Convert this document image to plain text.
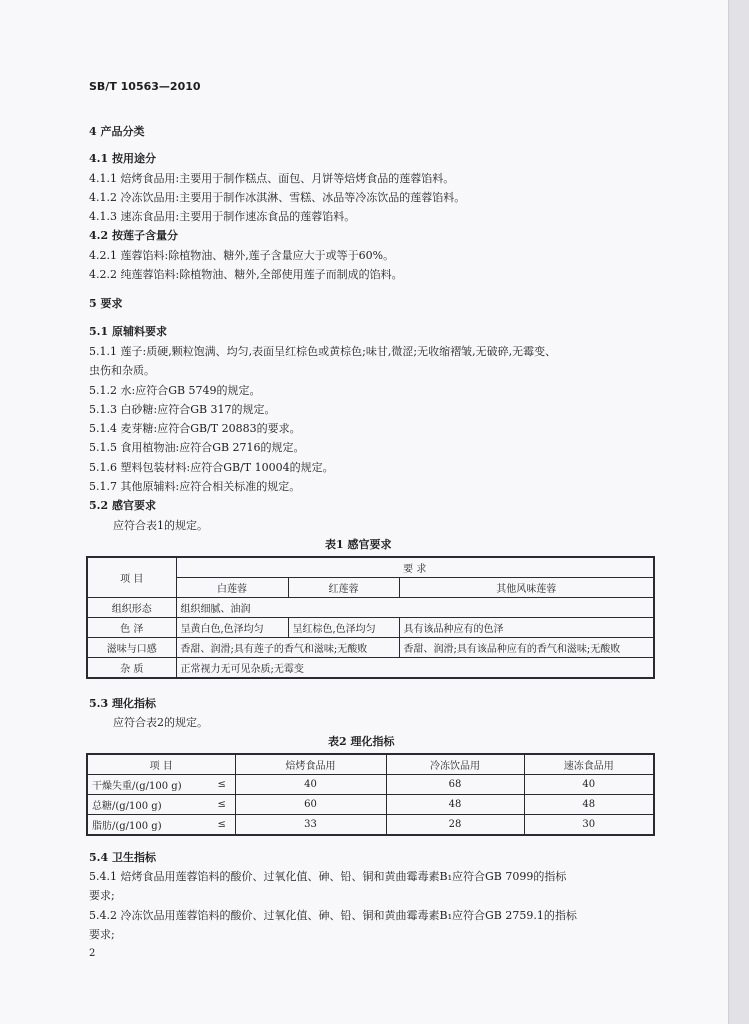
SB/T 10563—2010
4 产品分类
4.1 按用途分
4.1.1 焙烤食品用:主要用于制作糕点、面包、月饼等焙烤食品的莲蓉馅料。
4.1.2 冷冻饮品用:主要用于制作冰淇淋、雪糕、冰品等冷冻饮品的莲蓉馅料。
4.1.3 速冻食品用:主要用于制作速冻食品的莲蓉馅料。
4.2 按莲子含量分
4.2.1 莲蓉馅料:除植物油、糖外,莲子含量应大于或等于60%。
4.2.2 纯莲蓉馅料:除植物油、糖外,全部使用莲子而制成的馅料。
5 要求
5.1 原辅料要求
5.1.1 莲子:质硬,颗粒饱满、均匀,表面呈红棕色或黄棕色;味甘,微涩;无收缩褶皱,无破碎,无霉变、
虫伤和杂质。
5.1.2 水:应符合GB 5749的规定。
5.1.3 白砂糖:应符合GB 317的规定。
5.1.4 麦芽糖:应符合GB/T 20883的要求。
5.1.5 食用植物油:应符合GB 2716的规定。
5.1.6 塑料包装材料:应符合GB/T 10004的规定。
5.1.7 其他原辅料:应符合相关标准的规定。
5.2 感官要求
应符合表1的规定。
表1 感官要求
项 目	要 求		
	白莲蓉	红莲蓉	其他风味莲蓉
组织形态	组织细腻、油润		
色 泽	呈黄白色,色泽均匀	呈红棕色,色泽均匀	具有该品种应有的色泽
滋味与口感	香甜、润滑;具有莲子的香气和滋味;无酸败		香甜、润滑;具有该品种应有的香气和滋味;无酸败
杂 质	正常视力无可见杂质;无霉变		
5.3 理化指标
应符合表2的规定。
表2 理化指标
项 目		焙烤食品用	冷冻饮品用	速冻食品用
干燥失重/(g/100 g)	≤	40	68	40
总糖/(g/100 g)	≤	60	48	48
脂肪/(g/100 g)	≤	33	28	30
5.4 卫生指标
5.4.1 焙烤食品用莲蓉馅料的酸价、过氧化值、砷、铅、铜和黄曲霉毒素B₁应符合GB 7099的指标
要求;
5.4.2 冷冻饮品用莲蓉馅料的酸价、过氧化值、砷、铅、铜和黄曲霉毒素B₁应符合GB 2759.1的指标
要求;
2
